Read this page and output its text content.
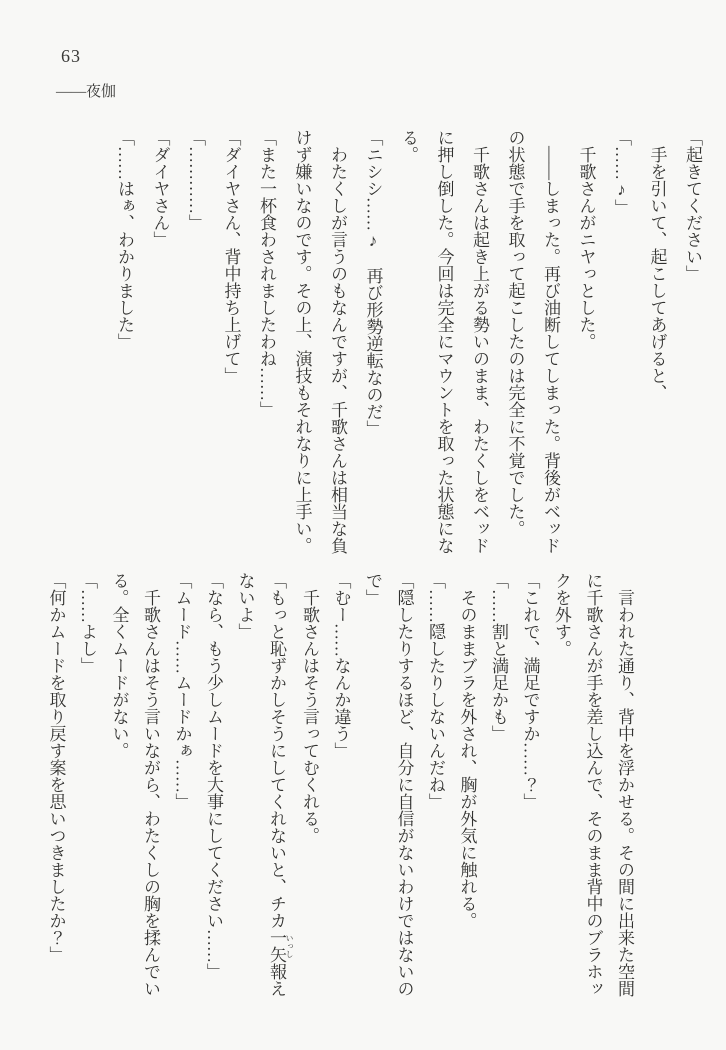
63
——夜伽

「起きてください」

手を引いて、起こしてあげると、

「……♪」

千歌さんがニヤっとした。

——しまった。再び油断してしまった。背後がベッドの状態で手を取って起こしたのは完全に不覚でした。

千歌さんは起き上がる勢いのまま、わたくしをベッドに押し倒した。今回は完全にマウントを取った状態になる。

「ニシシ……♪　再び形勢逆転なのだ」

わたくしが言うのもなんですが、千歌さんは相当な負けず嫌いなのです。その上、演技もそれなりに上手い。

「また一杯食わされましたわね……」

「ダイヤさん、背中持ち上げて」

「…………」

「ダイヤさん」

「……はぁ、わかりました」

言われた通り、背中を浮かせる。その間に出来た空間に千歌さんが手を差し込んで、そのまま背中のブラホックを外す。

「これで、満足ですか……？」

「……割と満足かも」

そのままブラを外され、胸が外気に触れる。

「……隠したりしないんだね」

「隠したりするほど、自分に自信がないわけではないので」

「むー……なんか違う」

千歌さんはそう言ってむくれる。

「もっと恥ずかしそうにしてくれないと、チカ一矢 いっし報えないよ」

「なら、もう少しムードを大事にしてください……」

「ムード……ムードかぁ……」

千歌さんはそう言いながら、わたくしの胸を揉んでいる。全くムードがない。

「……よし」

「何かムードを取り戻す案を思いつきましたか？」
